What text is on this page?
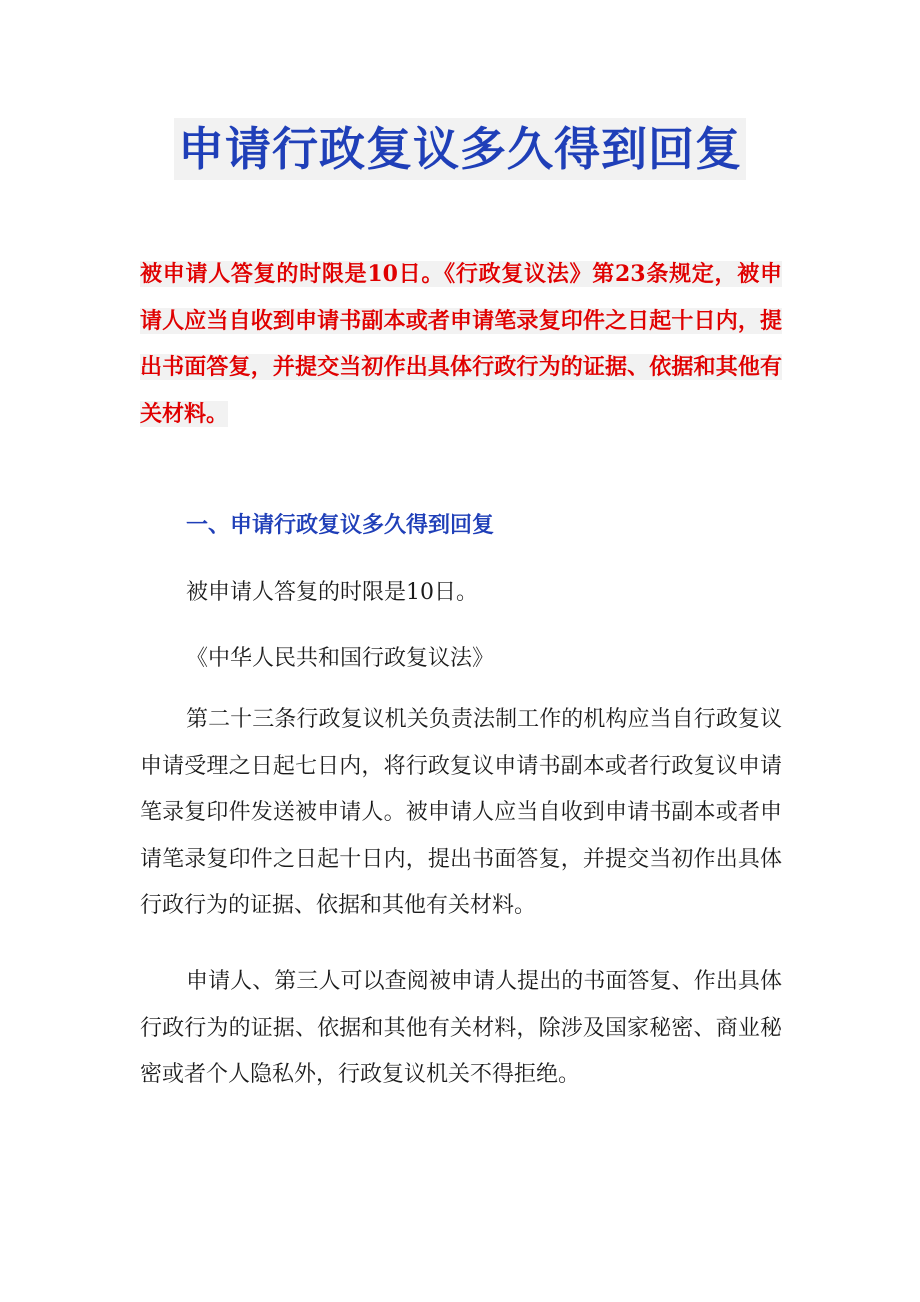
申请行政复议多久得到回复

被申请人答复的时限是10日。《行政复议法》第23条规定，被申请人应当自收到申请书副本或者申请笔录复印件之日起十日内，提出书面答复，并提交当初作出具体行政行为的证据、依据和其他有关材料。

一、申请行政复议多久得到回复

被申请人答复的时限是10日。

《中华人民共和国行政复议法》

第二十三条行政复议机关负责法制工作的机构应当自行政复议申请受理之日起七日内，将行政复议申请书副本或者行政复议申请笔录复印件发送被申请人。被申请人应当自收到申请书副本或者申请笔录复印件之日起十日内，提出书面答复，并提交当初作出具体行政行为的证据、依据和其他有关材料。

申请人、第三人可以查阅被申请人提出的书面答复、作出具体行政行为的证据、依据和其他有关材料，除涉及国家秘密、商业秘密或者个人隐私外，行政复议机关不得拒绝。
